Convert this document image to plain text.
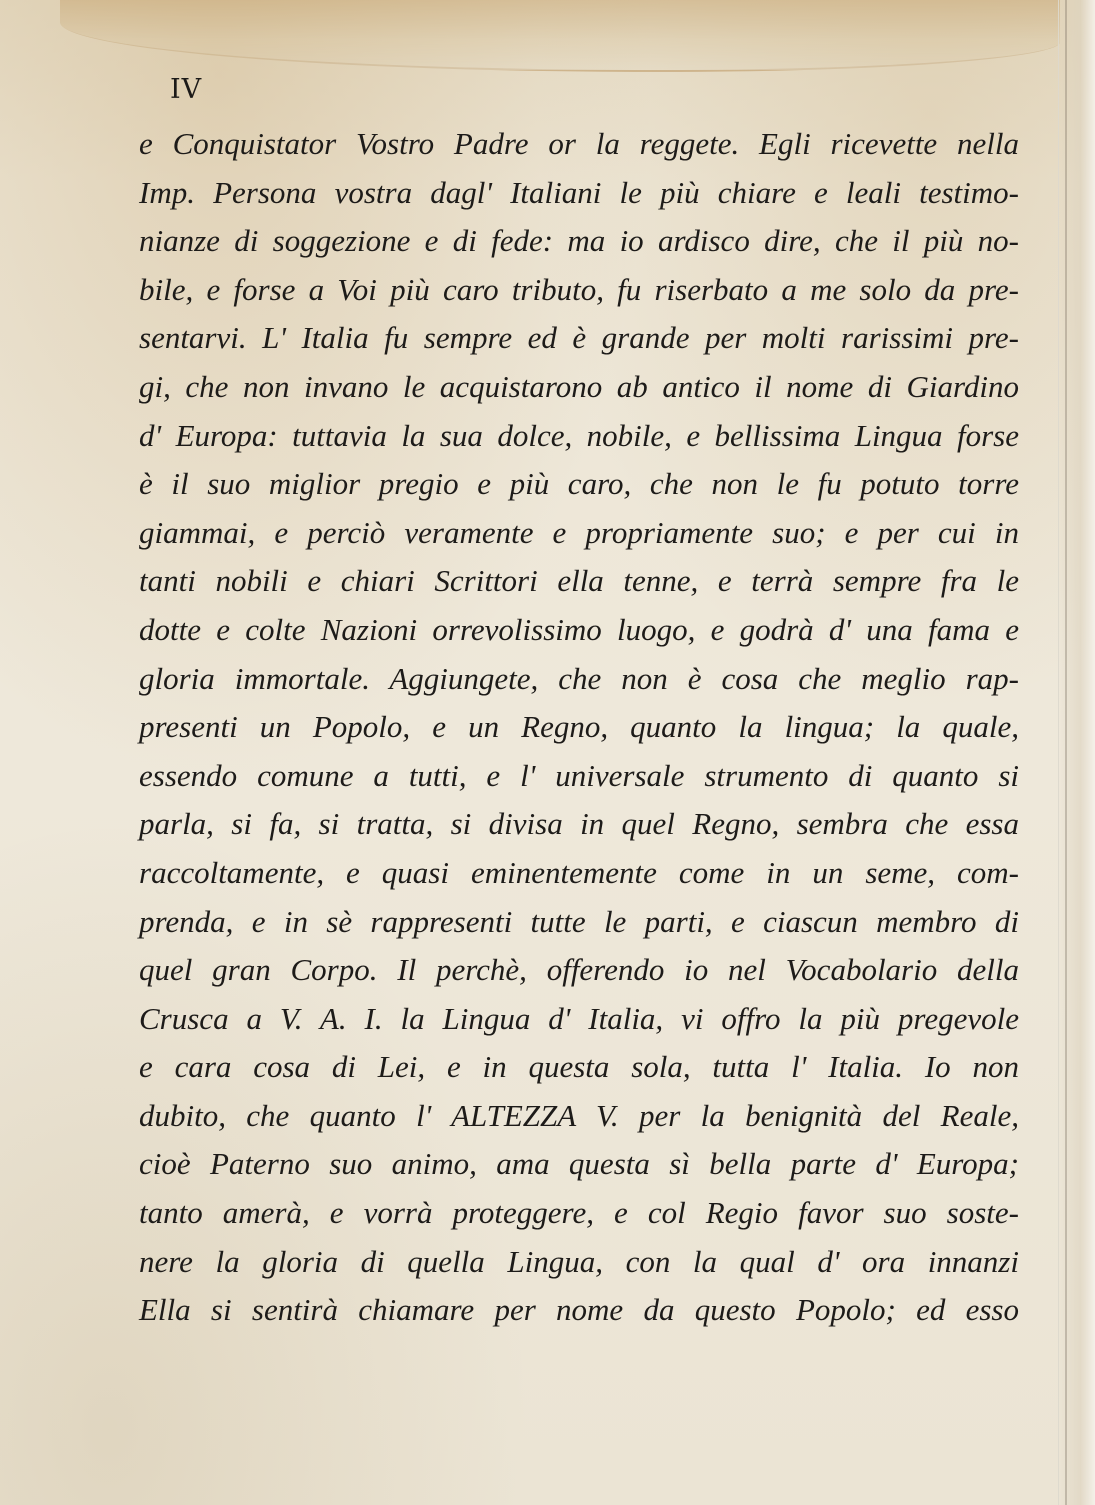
IV

e Conquistator Vostro Padre or la reggete. Egli ricevette nella
Imp. Persona vostra dagl' Italiani le più chiare e leali testimo-
nianze di soggezione e di fede: ma io ardisco dire, che il più no-
bile, e forse a Voi più caro tributo, fu riserbato a me solo da pre-
sentarvi. L' Italia fu sempre ed è grande per molti rarissimi pre-
gi, che non invano le acquistarono ab antico il nome di Giardino
d' Europa: tuttavia la sua dolce, nobile, e bellissima Lingua forse
è il suo miglior pregio e più caro, che non le fu potuto torre
giammai, e perciò veramente e propriamente suo; e per cui in
tanti nobili e chiari Scrittori ella tenne, e terrà sempre fra le
dotte e colte Nazioni orrevolissimo luogo, e godrà d' una fama e
gloria immortale. Aggiungete, che non è cosa che meglio rap-
presenti un Popolo, e un Regno, quanto la lingua; la quale,
essendo comune a tutti, e l' universale strumento di quanto si
parla, si fa, si tratta, si divisa in quel Regno, sembra che essa
raccoltamente, e quasi eminentemente come in un seme, com-
prenda, e in sè rappresenti tutte le parti, e ciascun membro di
quel gran Corpo. Il perchè, offerendo io nel Vocabolario della
Crusca a V. A. I. la Lingua d' Italia, vi offro la più pregevole
e cara cosa di Lei, e in questa sola, tutta l' Italia. Io non
dubito, che quanto l' ALTEZZA V. per la benignità del Reale,
cioè Paterno suo animo, ama questa sì bella parte d' Europa;
tanto amerà, e vorrà proteggere, e col Regio favor suo soste-
nere la gloria di quella Lingua, con la qual d' ora innanzi
Ella si sentirà chiamare per nome da questo Popolo; ed esso
